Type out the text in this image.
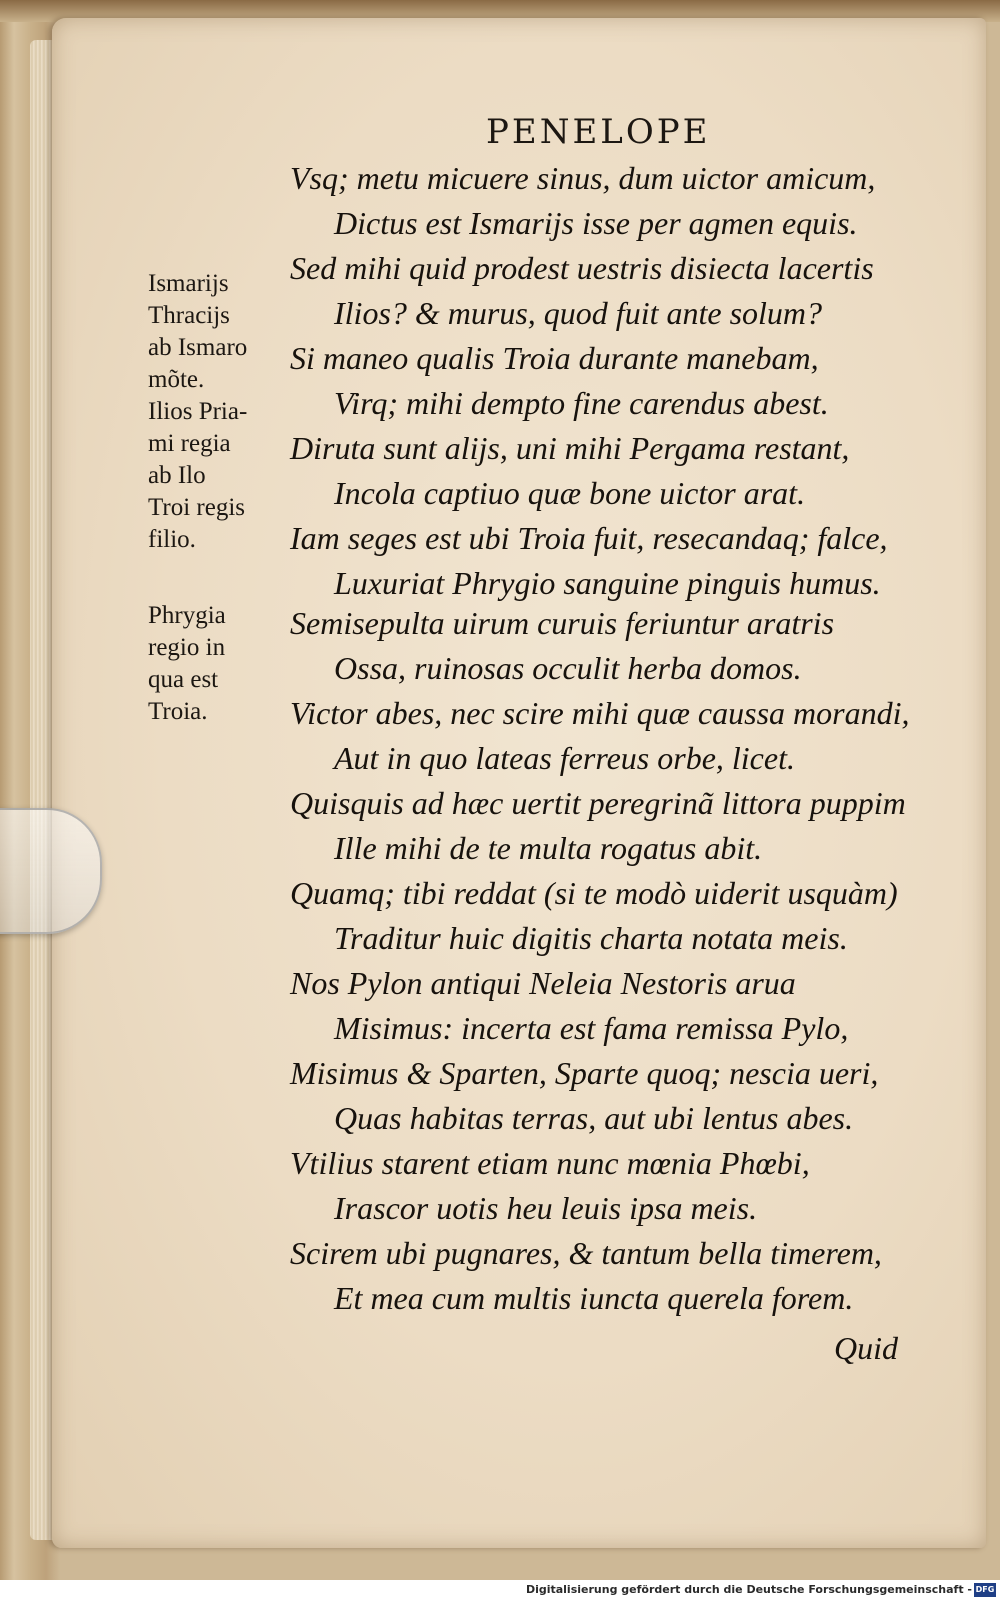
PENELOPE
Ismarijs
Thracijs
ab Ismaro
mõte.
Ilios Pria-
mi regia
ab Ilo
Troi regis
filio.
Phrygia
regio in
qua est
Troia.
Vsq; metu micuere sinus, dum uictor amicum,
Dictus est Ismarijs isse per agmen equis.
Sed mihi quid prodest uestris disiecta lacertis
Ilios? & murus, quod fuit ante solum?
Si maneo qualis Troia durante manebam,
Virq; mihi dempto fine carendus abest.
Diruta sunt alijs, uni mihi Pergama restant,
Incola captiuo quæ bone uictor arat.
Iam seges est ubi Troia fuit, resecandaq; falce,
Luxuriat Phrygio sanguine pinguis humus.
Semisepulta uirum curuis feriuntur aratris
Ossa, ruinosas occulit herba domos.
Victor abes, nec scire mihi quæ caussa morandi,
Aut in quo lateas ferreus orbe, licet.
Quisquis ad hæc uertit peregrinã littora puppim
Ille mihi de te multa rogatus abit.
Quamq; tibi reddat (si te modò uiderit usquàm)
Traditur huic digitis charta notata meis.
Nos Pylon antiqui Neleia Nestoris arua
Misimus: incerta est fama remissa Pylo,
Misimus & Sparten, Sparte quoq; nescia ueri,
Quas habitas terras, aut ubi lentus abes.
Vtilius starent etiam nunc mœnia Phœbi,
Irascor uotis heu leuis ipsa meis.
Scirem ubi pugnares, & tantum bella timerem,
Et mea cum multis iuncta querela forem.
Quid
Digitalisierung gefördert durch die Deutsche Forschungsgemeinschaft - DFG
